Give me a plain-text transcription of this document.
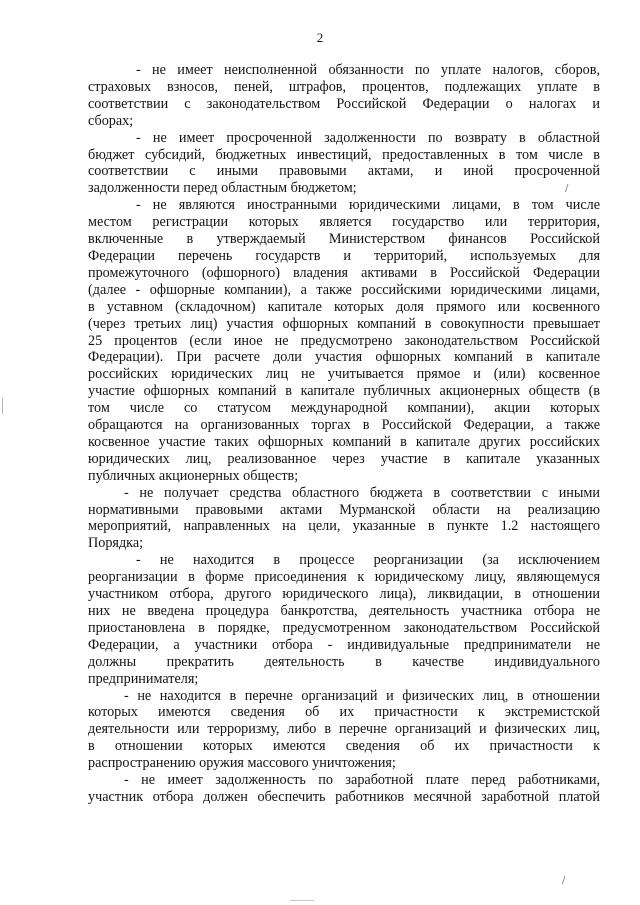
2

- не имеет неисполненной обязанности по уплате налогов, сборов,
страховых взносов, пеней, штрафов, процентов, подлежащих уплате в
соответствии с законодательством Российской Федерации о налогах и
сборах;

- не имеет просроченной задолженности по возврату в областной
бюджет субсидий, бюджетных инвестиций, предоставленных в том числе в
соответствии с иными правовыми актами, и иной просроченной
задолженности перед областным бюджетом;

- не являются иностранными юридическими лицами, в том числе
местом регистрации которых является государство или территория,
включенные в утверждаемый Министерством финансов Российской
Федерации перечень государств и территорий, используемых для
промежуточного (офшорного) владения активами в Российской Федерации
(далее - офшорные компании), а также российскими юридическими лицами,
в уставном (складочном) капитале которых доля прямого или косвенного
(через третьих лиц) участия офшорных компаний в совокупности превышает
25 процентов (если иное не предусмотрено законодательством Российской
Федерации). При расчете доли участия офшорных компаний в капитале
российских юридических лиц не учитывается прямое и (или) косвенное
участие офшорных компаний в капитале публичных акционерных обществ (в
том числе со статусом международной компании), акции которых
обращаются на организованных торгах в Российской Федерации, а также
косвенное участие таких офшорных компаний в капитале других российских
юридических лиц, реализованное через участие в капитале указанных
публичных акционерных обществ;

- не получает средства областного бюджета в соответствии с иными
нормативными правовыми актами Мурманской области на реализацию
мероприятий, направленных на цели, указанные в пункте 1.2 настоящего
Порядка;

- не находится в процессе реорганизации (за исключением
реорганизации в форме присоединения к юридическому лицу, являющемуся
участником отбора, другого юридического лица), ликвидации, в отношении
них не введена процедура банкротства, деятельность участника отбора не
приостановлена в порядке, предусмотренном законодательством Российской
Федерации, а участники отбора - индивидуальные предприниматели не
должны прекратить деятельность в качестве индивидуального
предпринимателя;

- не находится в перечне организаций и физических лиц, в отношении
которых имеются сведения об их причастности к экстремистской
деятельности или терроризму, либо в перечне организаций и физических лиц,
в отношении которых имеются сведения об их причастности к
распространению оружия массового уничтожения;

- не имеет задолженность по заработной плате перед работниками,
участник отбора должен обеспечить работников месячной заработной платой

/
/
